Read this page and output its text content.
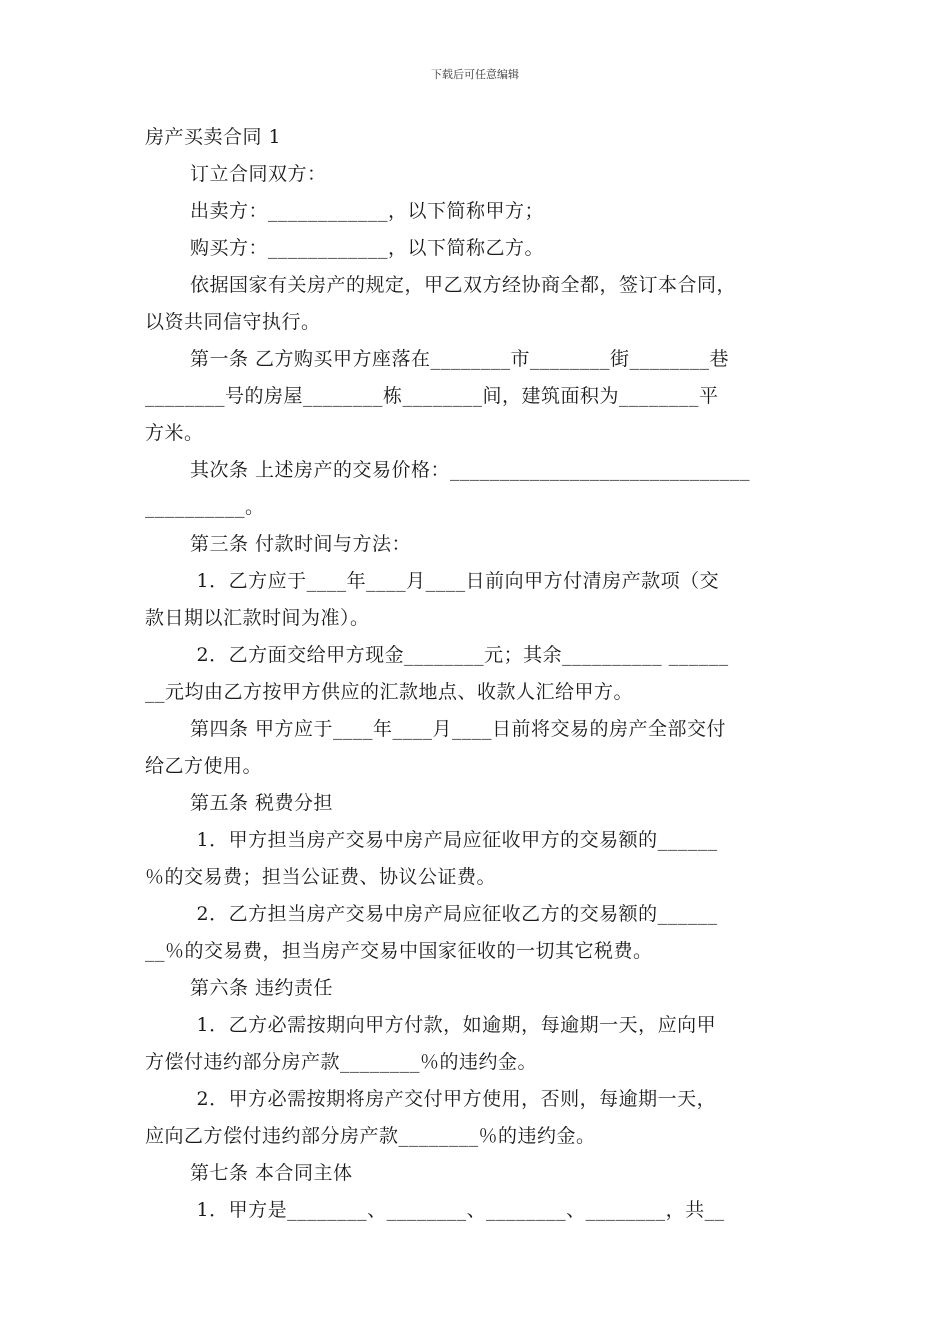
下载后可任意编辑
房产买卖合同 1
订立合同双方：
出卖方：____________，以下简称甲方；
购买方：____________，以下简称乙方。
依据国家有关房产的规定，甲乙双方经协商全都，签订本合同，
以资共同信守执行。
第一条 乙方购买甲方座落在________市________街________巷
________号的房屋________栋________间，建筑面积为________平
方米。
其次条 上述房产的交易价格：______________________________
__________。
第三条 付款时间与方法：
1．乙方应于____年____月____日前向甲方付清房产款项（交
款日期以汇款时间为准）。
2．乙方面交给甲方现金________元；其余__________ ______
__元均由乙方按甲方供应的汇款地点、收款人汇给甲方。
第四条 甲方应于____年____月____日前将交易的房产全部交付
给乙方使用。
第五条 税费分担
1．甲方担当房产交易中房产局应征收甲方的交易额的______
％的交易费；担当公证费、协议公证费。
2．乙方担当房产交易中房产局应征收乙方的交易额的______
__％的交易费，担当房产交易中国家征收的一切其它税费。
第六条 违约责任
1．乙方必需按期向甲方付款，如逾期，每逾期一天，应向甲
方偿付违约部分房产款________％的违约金。
2．甲方必需按期将房产交付甲方使用，否则，每逾期一天，
应向乙方偿付违约部分房产款________％的违约金。
第七条 本合同主体
1．甲方是________、________、________、________，共__
